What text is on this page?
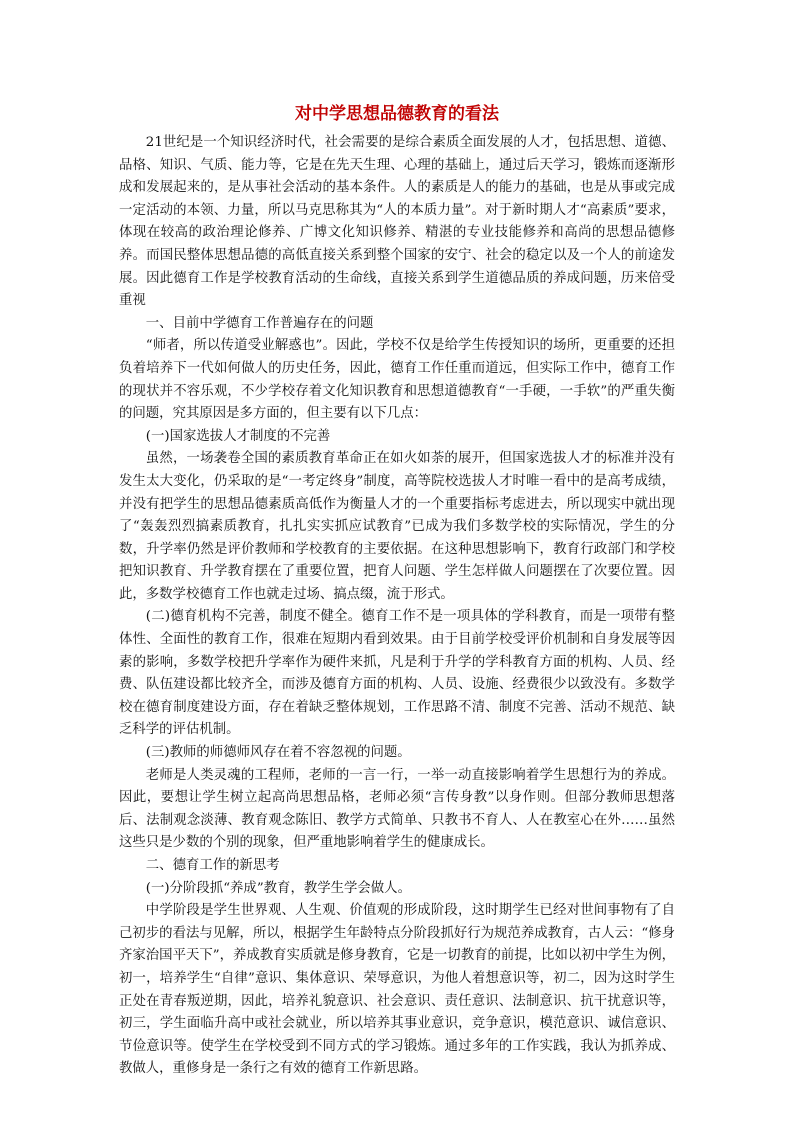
对中学思想品德教育的看法

21世纪是一个知识经济时代，社会需要的是综合素质全面发展的人才，包括思想、道德、品格、知识、气质、能力等，它是在先天生理、心理的基础上，通过后天学习，锻炼而逐渐形成和发展起来的，是从事社会活动的基本条件。人的素质是人的能力的基础，也是从事或完成一定活动的本领、力量，所以马克思称其为“人的本质力量”。对于新时期人才“高素质”要求，体现在较高的政治理论修养、广博文化知识修养、精湛的专业技能修养和高尚的思想品德修养。而国民整体思想品德的高低直接关系到整个国家的安宁、社会的稳定以及一个人的前途发展。因此德育工作是学校教育活动的生命线，直接关系到学生道德品质的养成问题，历来倍受重视

一、目前中学德育工作普遍存在的问题

“师者，所以传道受业解惑也”。因此，学校不仅是给学生传授知识的场所，更重要的还担负着培养下一代如何做人的历史任务，因此，德育工作任重而道远，但实际工作中，德育工作的现状并不容乐观，不少学校存着文化知识教育和思想道德教育“一手硬，一手软”的严重失衡的问题，究其原因是多方面的，但主要有以下几点：

(一)国家选拔人才制度的不完善

虽然，一场袭卷全国的素质教育革命正在如火如荼的展开，但国家选拔人才的标准并没有发生太大变化，仍采取的是“一考定终身”制度，高等院校选拔人才时唯一看中的是高考成绩，并没有把学生的思想品德素质高低作为衡量人才的一个重要指标考虑进去，所以现实中就出现了“轰轰烈烈搞素质教育，扎扎实实抓应试教育”已成为我们多数学校的实际情况，学生的分数，升学率仍然是评价教师和学校教育的主要依据。在这种思想影响下，教育行政部门和学校把知识教育、升学教育摆在了重要位置，把育人问题、学生怎样做人问题摆在了次要位置。因此，多数学校德育工作也就走过场、搞点缀，流于形式。

(二)德育机构不完善，制度不健全。德育工作不是一项具体的学科教育，而是一项带有整体性、全面性的教育工作，很难在短期内看到效果。由于目前学校受评价机制和自身发展等因素的影响，多数学校把升学率作为硬件来抓，凡是利于升学的学科教育方面的机构、人员、经费、队伍建设都比较齐全，而涉及德育方面的机构、人员、设施、经费很少以致没有。多数学校在德育制度建设方面，存在着缺乏整体规划，工作思路不清、制度不完善、活动不规范、缺乏科学的评估机制。

(三)教师的师德师风存在着不容忽视的问题。

老师是人类灵魂的工程师，老师的一言一行，一举一动直接影响着学生思想行为的养成。因此，要想让学生树立起高尚思想品格，老师必须“言传身教”以身作则。但部分教师思想落后、法制观念淡薄、教育观念陈旧、教学方式简单、只教书不育人、人在教室心在外……虽然这些只是少数的个别的现象，但严重地影响着学生的健康成长。

二、德育工作的新思考

(一)分阶段抓“养成”教育，教学生学会做人。

中学阶段是学生世界观、人生观、价值观的形成阶段，这时期学生已经对世间事物有了自己初步的看法与见解，所以，根据学生年龄特点分阶段抓好行为规范养成教育，古人云：“修身齐家治国平天下”，养成教育实质就是修身教育，它是一切教育的前提，比如以初中学生为例，初一，培养学生“自律”意识、集体意识、荣辱意识，为他人着想意识等，初二，因为这时学生正处在青春叛逆期，因此，培养礼貌意识、社会意识、责任意识、法制意识、抗干扰意识等，初三，学生面临升高中或社会就业，所以培养其事业意识，竞争意识，模范意识、诚信意识、节俭意识等。使学生在学校受到不同方式的学习锻炼。通过多年的工作实践，我认为抓养成、教做人，重修身是一条行之有效的德育工作新思路。
